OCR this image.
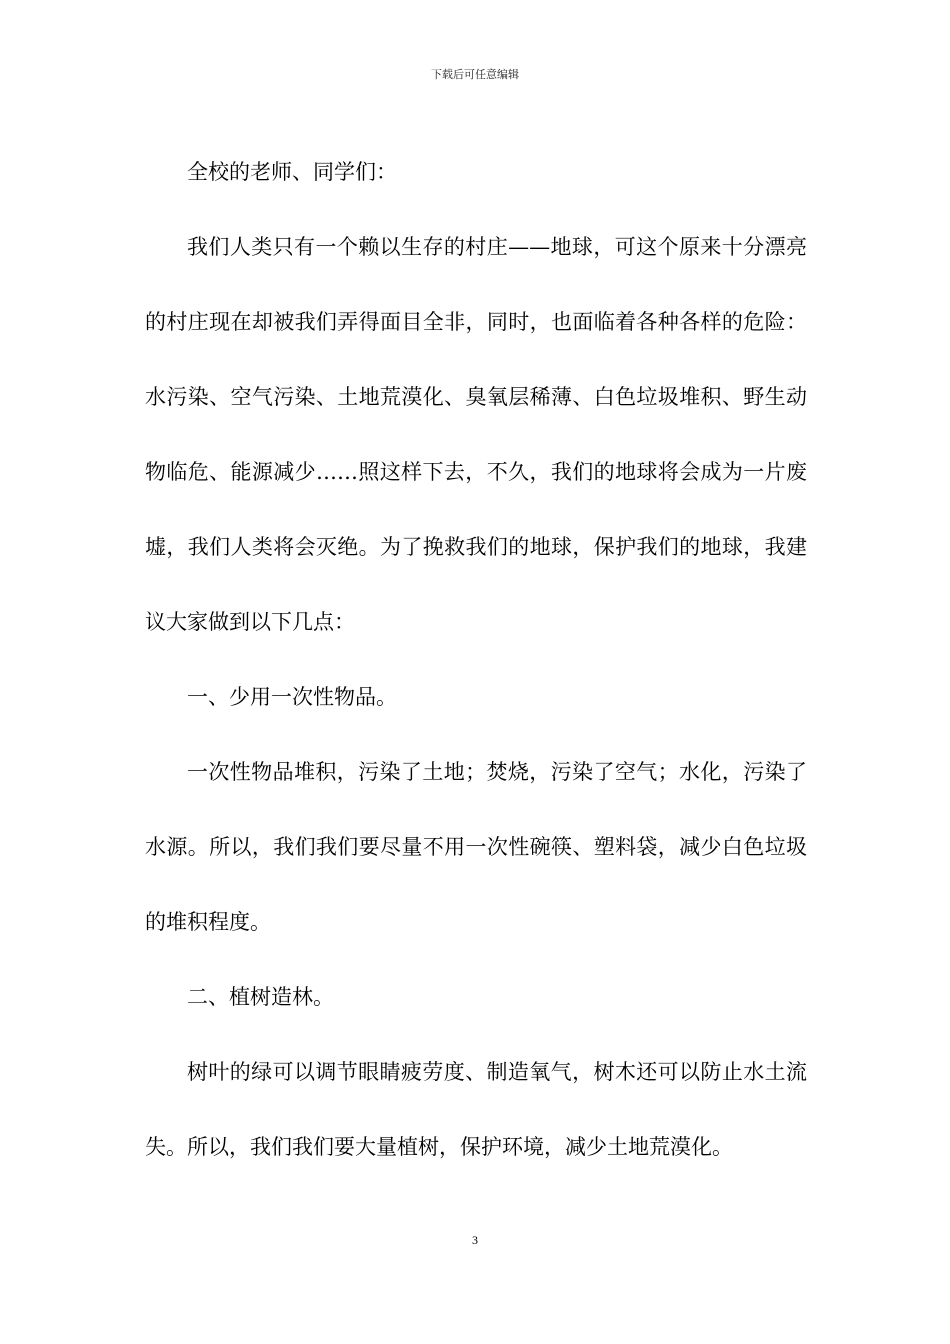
下载后可任意编辑

全校的老师、同学们：

我们人类只有一个赖以生存的村庄——地球，可这个原来十分漂亮的村庄现在却被我们弄得面目全非，同时，也面临着各种各样的危险：水污染、空气污染、土地荒漠化、臭氧层稀薄、白色垃圾堆积、野生动物临危、能源减少……照这样下去，不久，我们的地球将会成为一片废墟，我们人类将会灭绝。为了挽救我们的地球，保护我们的地球，我建议大家做到以下几点：

一、少用一次性物品。

一次性物品堆积，污染了土地；焚烧，污染了空气；水化，污染了水源。所以，我们我们要尽量不用一次性碗筷、塑料袋，减少白色垃圾的堆积程度。

二、植树造林。

树叶的绿可以调节眼睛疲劳度、制造氧气，树木还可以防止水土流失。所以，我们我们要大量植树，保护环境，减少土地荒漠化。

3
